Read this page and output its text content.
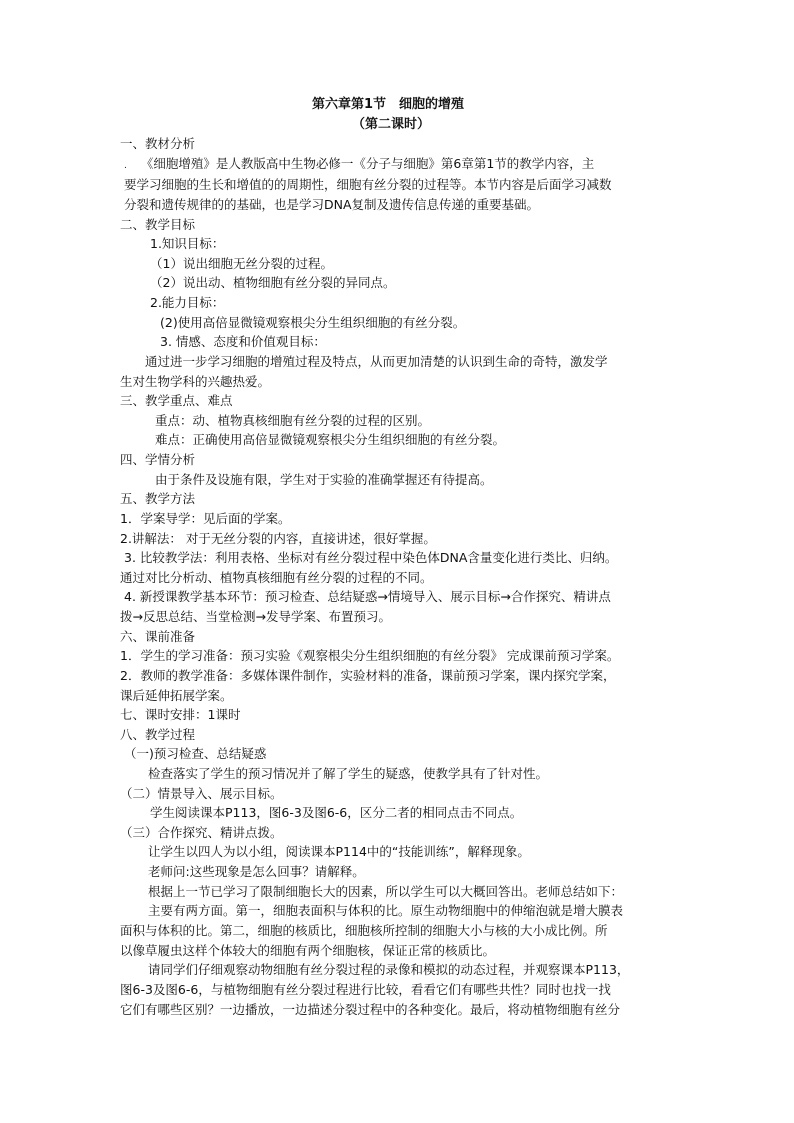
第六章第1节　细胞的增殖
（第二课时）
一、教材分析
. 《细胞增殖》是人教版高中生物必修一《分子与细胞》第6章第1节的教学内容，主
要学习细胞的生长和增值的的周期性，细胞有丝分裂的过程等。本节内容是后面学习减数
分裂和遗传规律的的基础，也是学习DNA复制及遗传信息传递的重要基础。
二、教学目标
1.知识目标：
（1）说出细胞无丝分裂的过程。
（2）说出动、植物细胞有丝分裂的异同点。
2.能力目标：
(2)使用高倍显微镜观察根尖分生组织细胞的有丝分裂。
3. 情感、态度和价值观目标：
通过进一步学习细胞的增殖过程及特点，从而更加清楚的认识到生命的奇特，激发学
生对生物学科的兴趣热爱。
三、教学重点、难点
重点：动、植物真核细胞有丝分裂的过程的区别。
难点：正确使用高倍显微镜观察根尖分生组织细胞的有丝分裂。
四、学情分析
由于条件及设施有限，学生对于实验的准确掌握还有待提高。
五、教学方法
1．学案导学：见后面的学案。
2.讲解法： 对于无丝分裂的内容，直接讲述，很好掌握。
3. 比较教学法：利用表格、坐标对有丝分裂过程中染色体DNA含量变化进行类比、归纳。
通过对比分析动、植物真核细胞有丝分裂的过程的不同。
4. 新授课教学基本环节：预习检查、总结疑惑→情境导入、展示目标→合作探究、精讲点
拨→反思总结、当堂检测→发导学案、布置预习。
六、课前准备
1．学生的学习准备：预习实验《观察根尖分生组织细胞的有丝分裂》 完成课前预习学案。
2．教师的教学准备：多媒体课件制作，实验材料的准备，课前预习学案，课内探究学案，
课后延伸拓展学案。
七、课时安排：1课时
八、教学过程
（一)预习检查、总结疑惑
检查落实了学生的预习情况并了解了学生的疑惑，使教学具有了针对性。
（二）情景导入、展示目标。
学生阅读课本P113，图6-3及图6-6，区分二者的相同点击不同点。
（三）合作探究、精讲点拨。
让学生以四人为以小组，阅读课本P114中的“技能训练”，解释现象。
老师问:这些现象是怎么回事？请解释。
根据上一节已学习了限制细胞长大的因素，所以学生可以大概回答出。老师总结如下：
主要有两方面。第一，细胞表面积与体积的比。原生动物细胞中的伸缩泡就是增大膜表
面积与体积的比。第二，细胞的核质比，细胞核所控制的细胞大小与核的大小成比例。所
以像草履虫这样个体较大的细胞有两个细胞核，保证正常的核质比。
请同学们仔细观察动物细胞有丝分裂过程的录像和模拟的动态过程，并观察课本P113，
图6-3及图6-6，与植物细胞有丝分裂过程进行比较，看看它们有哪些共性？同时也找一找
它们有哪些区别？一边播放，一边描述分裂过程中的各种变化。最后，将动植物细胞有丝分
